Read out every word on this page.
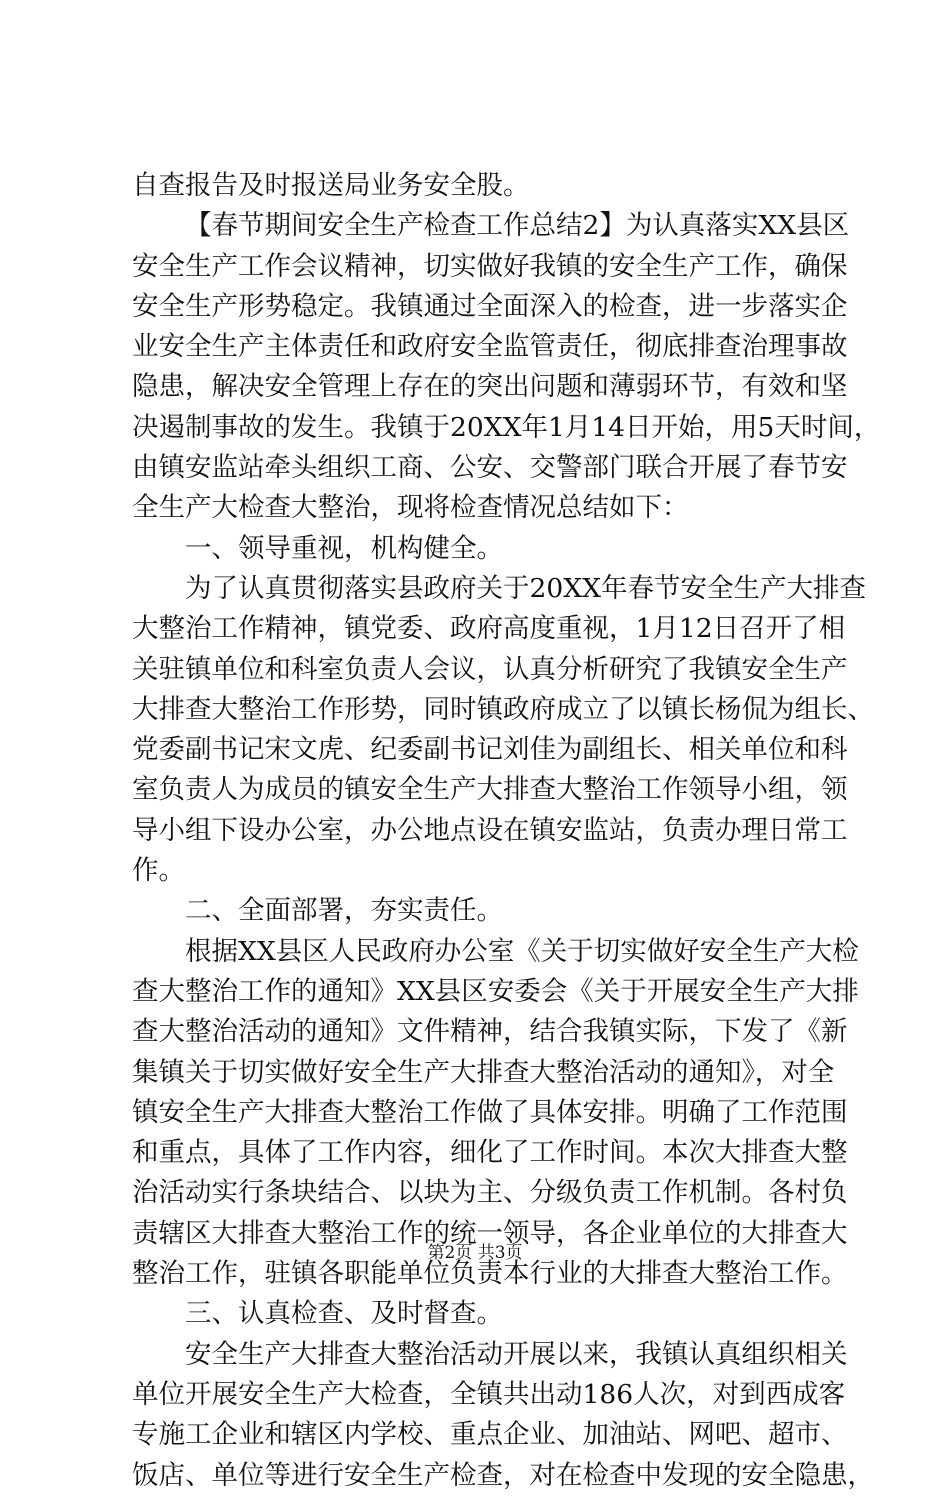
自查报告及时报送局业务安全股。
【春节期间安全生产检查工作总结2】为认真落实XX县区
安全生产工作会议精神，切实做好我镇的安全生产工作，确保
安全生产形势稳定。我镇通过全面深入的检查，进一步落实企
业安全生产主体责任和政府安全监管责任，彻底排查治理事故
隐患，解决安全管理上存在的突出问题和薄弱环节，有效和坚
决遏制事故的发生。我镇于20XX年1月14日开始，用5天时间，
由镇安监站牵头组织工商、公安、交警部门联合开展了春节安
全生产大检查大整治，现将检查情况总结如下：
一、领导重视，机构健全。
为了认真贯彻落实县政府关于20XX年春节安全生产大排查
大整治工作精神，镇党委、政府高度重视，1月12日召开了相
关驻镇单位和科室负责人会议，认真分析研究了我镇安全生产
大排查大整治工作形势，同时镇政府成立了以镇长杨侃为组长、
党委副书记宋文虎、纪委副书记刘佳为副组长、相关单位和科
室负责人为成员的镇安全生产大排查大整治工作领导小组，领
导小组下设办公室，办公地点设在镇安监站，负责办理日常工
作。
二、全面部署，夯实责任。
根据XX县区人民政府办公室《关于切实做好安全生产大检
查大整治工作的通知》XX县区安委会《关于开展安全生产大排
查大整治活动的通知》文件精神，结合我镇实际，下发了《新
集镇关于切实做好安全生产大排查大整治活动的通知》，对全
镇安全生产大排查大整治工作做了具体安排。明确了工作范围
和重点，具体了工作内容，细化了工作时间。本次大排查大整
治活动实行条块结合、以块为主、分级负责工作机制。各村负
责辖区大排查大整治工作的统一领导，各企业单位的大排查大
整治工作，驻镇各职能单位负责本行业的大排查大整治工作。
三、认真检查、及时督查。
安全生产大排查大整治活动开展以来，我镇认真组织相关
单位开展安全生产大检查，全镇共出动186人次，对到西成客
专施工企业和辖区内学校、重点企业、加油站、网吧、超市、
饭店、单位等进行安全生产检查，对在检查中发现的安全隐患，
第2页 共3页
